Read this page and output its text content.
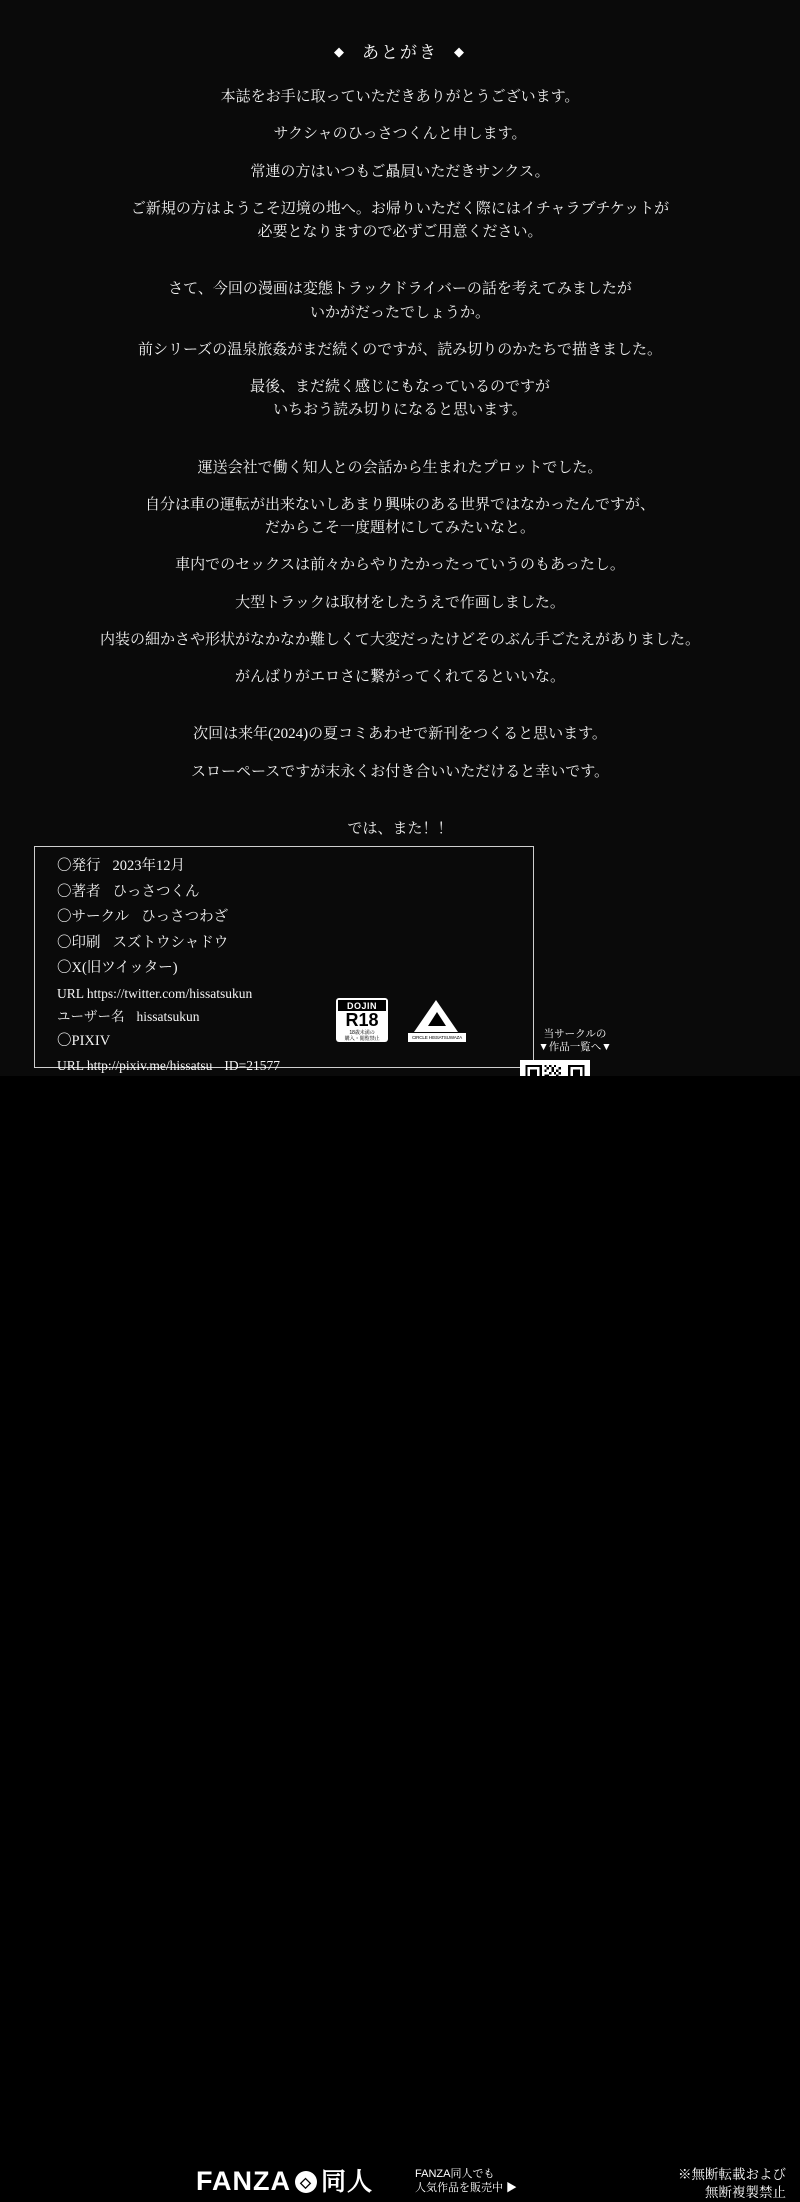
◆ あとがき ◆

本誌をお手に取っていただきありがとうございます。

サクシャのひっさつくんと申します。

常連の方はいつもご贔屓いただきサンクス。

ご新規の方はようこそ辺境の地へ。お帰りいただく際にはイチャラブチケットが

必要となりますので必ずご用意ください。

さて、今回の漫画は変態トラックドライバーの話を考えてみましたが

いかがだったでしょうか。

前シリーズの温泉旅姦がまだ続くのですが、読み切りのかたちで描きました。

最後、まだ続く感じにもなっているのですが

いちおう読み切りになると思います。

運送会社で働く知人との会話から生まれたプロットでした。

自分は車の運転が出来ないしあまり興味のある世界ではなかったんですが、

だからこそ一度題材にしてみたいなと。

車内でのセックスは前々からやりたかったっていうのもあったし。

大型トラックは取材をしたうえで作画しました。

内装の細かさや形状がなかなか難しくて大変だったけどそのぶん手ごたえがありました。

がんばりがエロさに繋がってくれてるといいな。

次回は来年(2024)の夏コミあわせで新刊をつくると思います。

スローペースですが末永くお付き合いいただけると幸いです。

では、また！！

〇発行 2023年12月
〇著者 ひっさつくん
〇サークル ひっさつわざ
〇印刷 スズトウシャドウ
〇X(旧ツイッター)
URL https://twitter.com/hissatsukun
ユーザー名 hissatsukun
〇PIXIV
URL http://pixiv.me/hissatsu ID=21577
DOJIN
R18
18歳未満の
購入・閲覧禁止	CIRCLE HISSATSUWAZA	当サークルの
▼作品一覧へ▼
FANZA ◇ 同人	FANZA同人でも
人気作品を販売中 ▶
※無断転載および
無断複製禁止
